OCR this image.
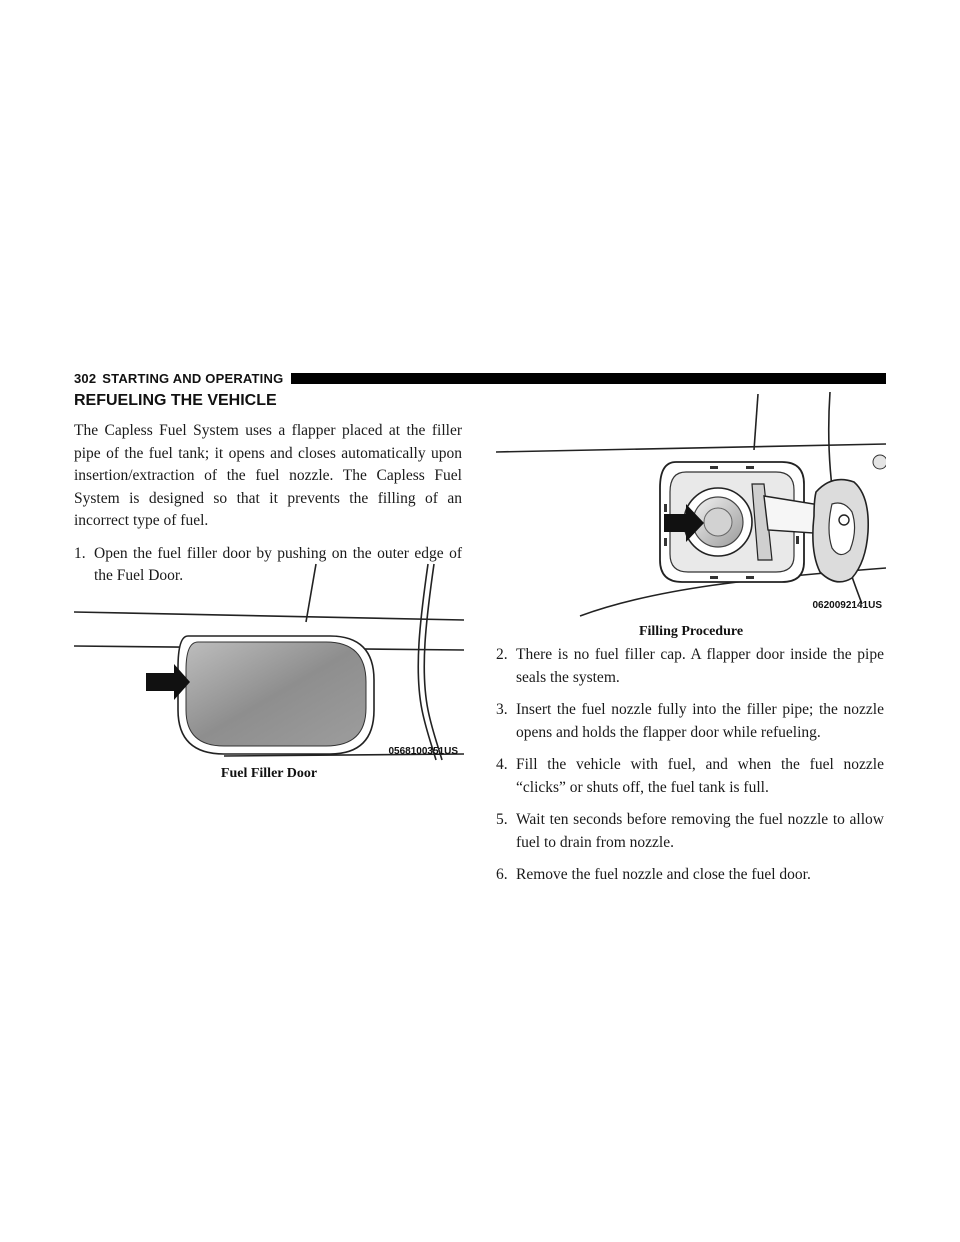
302 STARTING AND OPERATING
REFUELING THE VEHICLE

The Capless Fuel System uses a flapper placed at the filler pipe of the fuel tank; it opens and closes automatically upon insertion/extraction of the fuel nozzle. The Capless Fuel System is designed so that it prevents the filling of an incorrect type of fuel.

1. Open the fuel filler door by pushing on the outer edge of the Fuel Door.

0568100351US
Fuel Filler Door
0620092141US
Filling Procedure

2. There is no fuel filler cap. A flapper door inside the pipe seals the system.

3. Insert the fuel nozzle fully into the filler pipe; the nozzle opens and holds the flapper door while refueling.

4. Fill the vehicle with fuel, and when the fuel nozzle “clicks” or shuts off, the fuel tank is full.

5. Wait ten seconds before removing the fuel nozzle to allow fuel to drain from nozzle.

6. Remove the fuel nozzle and close the fuel door.
